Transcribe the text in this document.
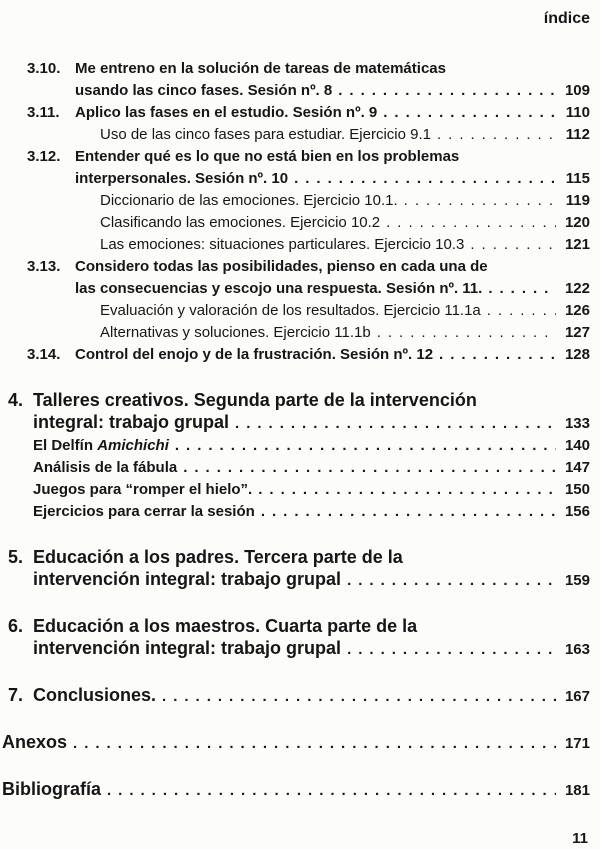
índice
3.10. Me entreno en la solución de tareas de matemáticas
usando las cinco fases. Sesión nº. 8 .....	109
3.11.	Aplico las fases en el estudio. Sesión nº. 9 .....	110
Uso de las cinco fases para estudiar. Ejercicio 9.1 .....	112
3.12. Entender qué es lo que no está bien en los problemas
interpersonales. Sesión nº. 10 .....	115
Diccionario de las emociones. Ejercicio 10.1. .....	119
Clasificando las emociones. Ejercicio 10.2 .....	120
Las emociones: situaciones particulares. Ejercicio 10.3 .....	121
3.13. Considero todas las posibilidades, pienso en cada una de
las consecuencias y escojo una respuesta. Sesión nº. 11. .....	122
Evaluación y valoración de los resultados. Ejercicio 11.1a .....	126
Alternativas y soluciones. Ejercicio 11.1b .....	127
3.14. Control del enojo y de la frustración. Sesión nº. 12 .....	128
4. Talleres creativos. Segunda parte de la intervención
integral: trabajo grupal .....	133
El Delfín Amichichi .....	140
Análisis de la fábula .....	147
Juegos para “romper el hielo”. .....	150
Ejercicios para cerrar la sesión .....	156
5. Educación a los padres. Tercera parte de la
intervención integral: trabajo grupal .....	159
6. Educación a los maestros. Cuarta parte de la
intervención integral: trabajo grupal .....	163
7. Conclusiones. .....	167
Anexos .....	171
Bibliografía .....	181
11
